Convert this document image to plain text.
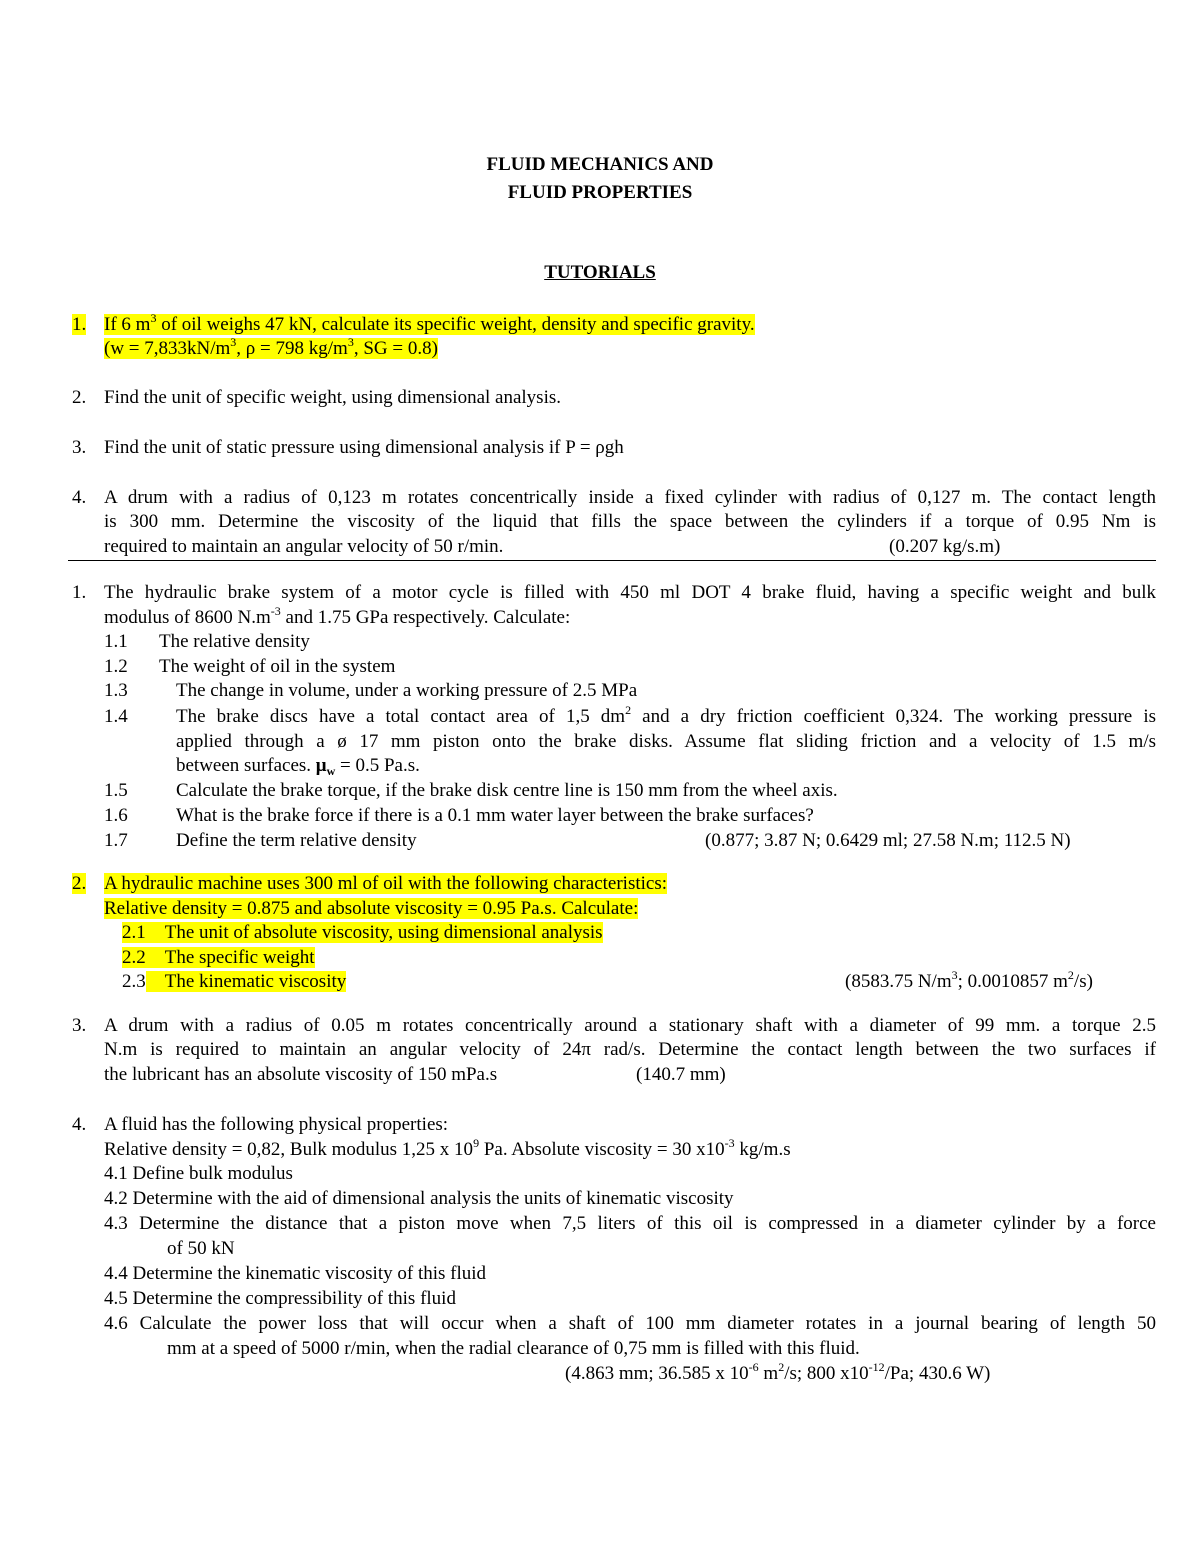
FLUID MECHANICS AND
FLUID PROPERTIES
TUTORIALS
1. If 6 $m^3$ of oil weighs 47 kN, calculate its specific weight, density and specific gravity.
($w = 7,833kN/m^3$, ρ = 798 $kg/m^3$, SG = 0.8)
2. Find the unit of specific weight, using dimensional analysis.
3. Find the unit of static pressure using dimensional analysis if P = ρgh
4. A drum with a radius of 0,123 m rotates concentrically inside a fixed cylinder with radius of 0,127 m. The contact length
is 300 mm. Determine the viscosity of the liquid that fills the space between the cylinders if a torque of 0.95 Nm is
required to maintain an angular velocity of 50 r/min.	(0.207 kg/s.m)
1. The hydraulic brake system of a motor cycle is filled with 450 ml DOT 4 brake fluid, having a specific weight and bulk
modulus of 8600 $N.m^{-3}$ and 1.75 GPa respectively. Calculate:
1.1 The relative density
1.2 The weight of oil in the system
1.3	The change in volume, under a working pressure of 2.5 MPa
1.4	The brake discs have a total contact area of 1,5 $dm^2$ and a dry friction coefficient 0,324. The working pressure is
applied through a ø 17 mm piston onto the brake disks. Assume flat sliding friction and a velocity of 1.5 m/s
between surfaces. $\mu_w = 0.5$ Pa.s.
1.5	Calculate the brake torque, if the brake disk centre line is 150 mm from the wheel axis.
1.6	What is the brake force if there is a 0.1 mm water layer between the brake surfaces?
1.7	Define the term relative density	(0.877; 3.87 N; 0.6429 ml; 27.58 N.m; 112.5 N)
2. A hydraulic machine uses 300 ml of oil with the following characteristics:
Relative density = 0.875 and absolute viscosity = 0.95 Pa.s. Calculate:
2.1 The unit of absolute viscosity, using dimensional analysis
2.2 The specific weight
2.3 The kinematic viscosity	(8583.75 $N/m^3$; 0.0010857 $m^2/s$)
3. A drum with a radius of 0.05 m rotates concentrically around a stationary shaft with a diameter of 99 mm. a torque 2.5
N.m is required to maintain an angular velocity of 24π rad/s. Determine the contact length between the two surfaces if
the lubricant has an absolute viscosity of 150 mPa.s	(140.7 mm)
4. A fluid has the following physical properties:
Relative density = 0,82, Bulk modulus 1,25 x $10^9$ Pa. Absolute viscosity = 30 $x10^{-3}$ kg/m.s
4.1 Define bulk modulus
4.2 Determine with the aid of dimensional analysis the units of kinematic viscosity
4.3 Determine the distance that a piston move when 7,5 liters of this oil is compressed in a diameter cylinder by a force
of 50 kN
4.4 Determine the kinematic viscosity of this fluid
4.5 Determine the compressibility of this fluid
4.6 Calculate the power loss that will occur when a shaft of 100 mm diameter rotates in a journal bearing of length 50
mm at a speed of 5000 r/min, when the radial clearance of 0,75 mm is filled with this fluid.
(4.863 mm; 36.585 x $10^{-6}$ $m^2/s$; 800 $x10^{-12}/Pa$; 430.6 W)
